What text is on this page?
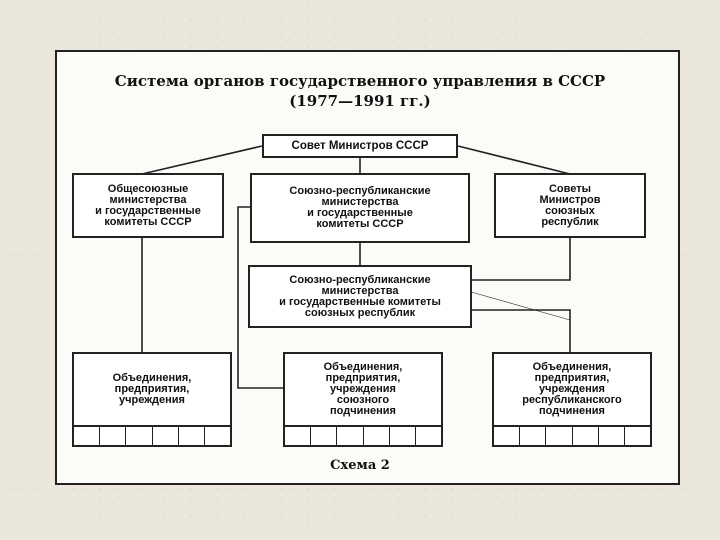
Система органов государственного управления в СССР
(1977—1991 гг.)
Совет Министров СССР
Общесоюзные
министерства
и государственные
комитеты СССР
Союзно-республиканские
министерства
и государственные
комитеты СССР
Советы
Министров
союзных
республик
Союзно-республиканские
министерства
и государственные комитеты
союзных республик
Объединения,
предприятия,
учреждения
Объединения,
предприятия,
учреждения
союзного
подчинения
Объединения,
предприятия,
учреждения
республиканского
подчинения
Схема 2
